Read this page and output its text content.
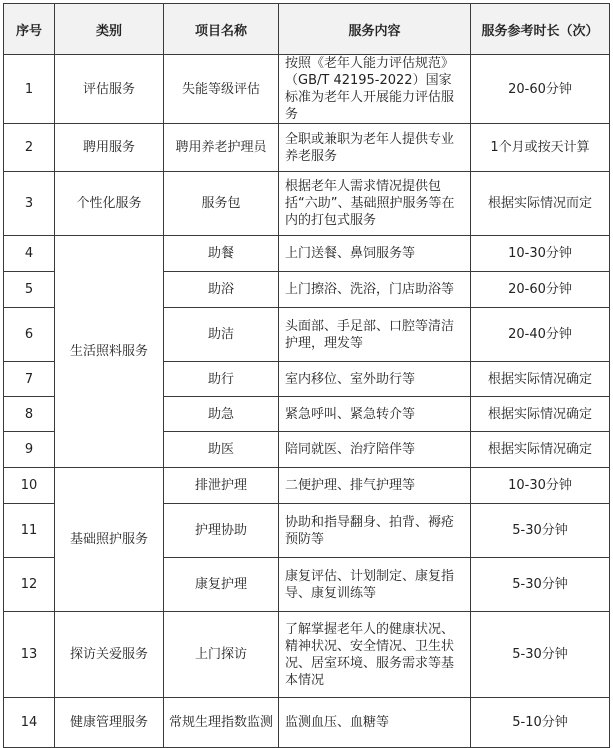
序号	类别	项目名称	服务内容	服务参考时长（次）
1	评估服务	失能等级评估	按照《老年人能力评估规范》（GB/T 42195-2022）国家标准为老年人开展能力评估服务	20-60分钟
2	聘用服务	聘用养老护理员	全职或兼职为老年人提供专业养老服务	1个月或按天计算
3	个性化服务	服务包	根据老年人需求情况提供包括“六助”、基础照护服务等在内的打包式服务	根据实际情况而定
4	生活照料服务	助餐	上门送餐、鼻饲服务等	10-30分钟
5		助浴	上门擦浴、洗浴，门店助浴等	20-60分钟
6		助洁	头面部、手足部、口腔等清洁护理，理发等	20-40分钟
7		助行	室内移位、室外助行等	根据实际情况确定
8		助急	紧急呼叫、紧急转介等	根据实际情况确定
9		助医	陪同就医、治疗陪伴等	根据实际情况确定
10	基础照护服务	排泄护理	二便护理、排气护理等	10-30分钟
11		护理协助	协助和指导翻身、拍背、褥疮预防等	5-30分钟
12		康复护理	康复评估、计划制定、康复指导、康复训练等	5-30分钟
13	探访关爱服务	上门探访	了解掌握老年人的健康状况、精神状况、安全情况、卫生状况、居室环境、服务需求等基本情况	5-30分钟
14	健康管理服务	常规生理指数监测	监测血压、血糖等	5-10分钟
